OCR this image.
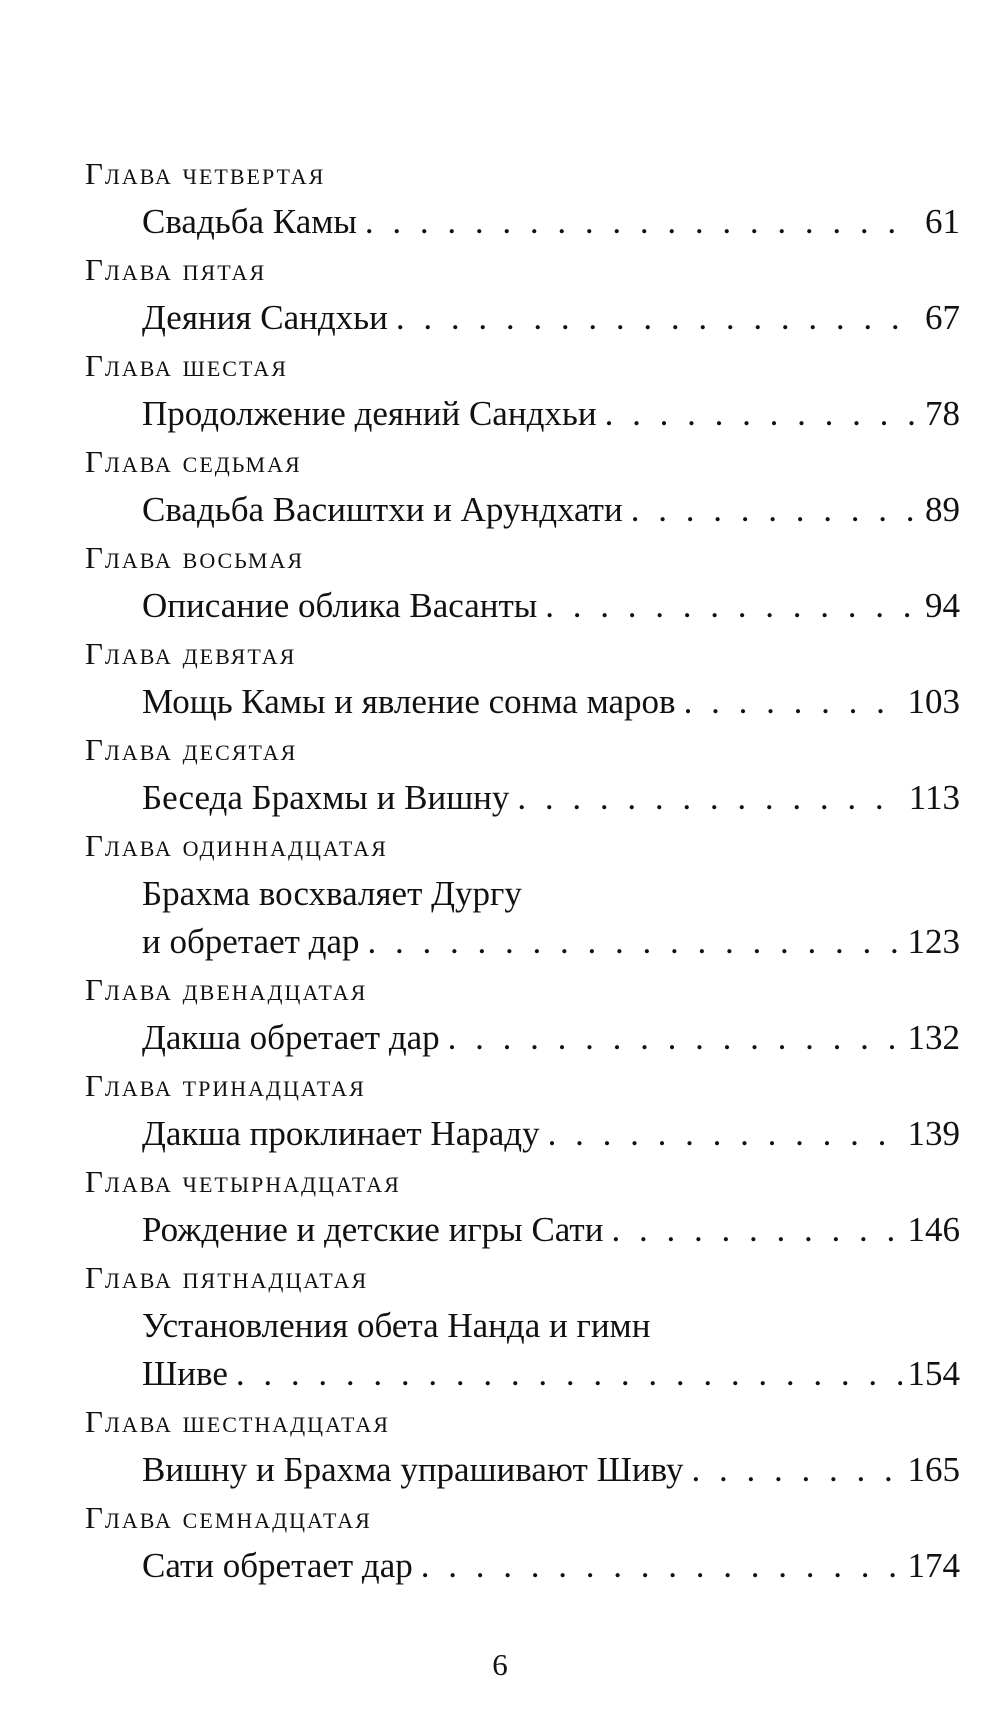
Глава четвертая
Свадьба Камы . . .	61
Глава пятая
Деяния Сандхьи . . .	67
Глава шестая
Продолжение деяний Сандхьи . . .	78
Глава седьмая
Свадьба Васиштхи и Арундхати . . .	89
Глава восьмая
Описание облика Васанты . . .	94
Глава девятая
Мощь Камы и явление сонма маров . . .	103
Глава десятая
Беседа Брахмы и Вишну . . .	113
Глава одиннадцатая
Брахма восхваляет Дургу
и обретает дар . . .	123
Глава двенадцатая
Дакша обретает дар . . .	132
Глава тринадцатая
Дакша проклинает Нараду . . .	139
Глава четырнадцатая
Рождение и детские игры Сати . . .	146
Глава пятнадцатая
Установления обета Нанда и гимн
Шиве . . .	154
Глава шестнадцатая
Вишну и Брахма упрашивают Шиву . . .	165
Глава семнадцатая
Сати обретает дар . . .	174
6
